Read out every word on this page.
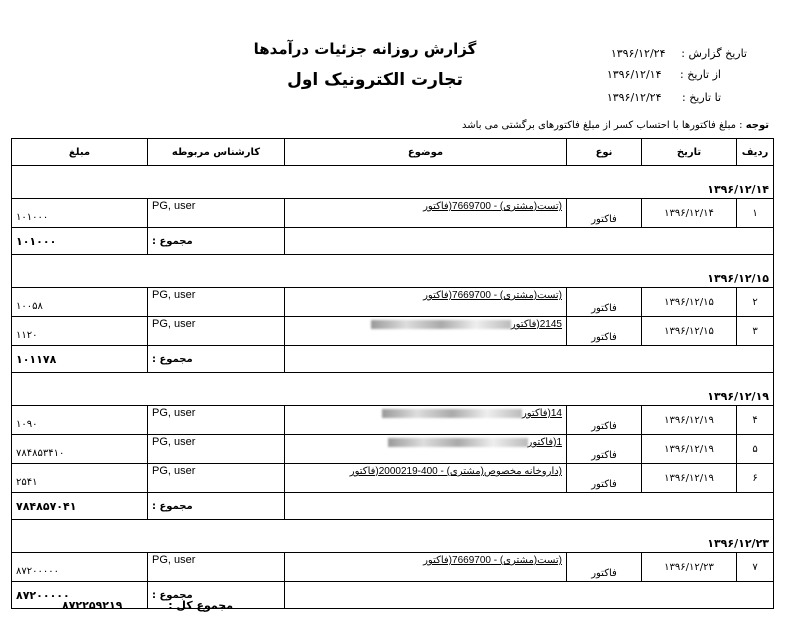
گزارش روزانه جزئیات درآمدها
تجارت الکترونیک اول
تاریخ گزارش : ۱۳۹۶/۱۲/۲۴
از تاریخ : ۱۳۹۶/۱۲/۱۴
تا تاریخ : ۱۳۹۶/۱۲/۲۴
توجه : مبلغ فاکتورها با احتساب کسر از مبلغ فاکتورهای برگشتی می باشد
ردیف	تاریخ	نوع	موضوع	کارشناس مربوطه	مبلغ
۱۳۹۶/۱۲/۱۴					
۱	۱۳۹۶/۱۲/۱۴	فاکتور	(تست(مشتری) - 7669700(فاکتور	PG, user	۱۰۱۰۰۰
				مجموع :	۱۰۱۰۰۰
۱۳۹۶/۱۲/۱۵					
۲	۱۳۹۶/۱۲/۱۵	فاکتور	(تست(مشتری) - 7669700(فاکتور	PG, user	۱۰۰۵۸
۳	۱۳۹۶/۱۲/۱۵	فاکتور	2145(فاکتور	PG, user	۱۱۲۰
				مجموع :	۱۰۱۱۷۸
۱۳۹۶/۱۲/۱۹					
۴	۱۳۹۶/۱۲/۱۹	فاکتور	14(فاکتور	PG, user	۱۰۹۰
۵	۱۳۹۶/۱۲/۱۹	فاکتور	1(فاکتور	PG, user	۷۸۴۸۵۳۴۱۰
۶	۱۳۹۶/۱۲/۱۹	فاکتور	(داروخانه مخصوص(مشتری) - 400-2000219(فاکتور	PG, user	۲۵۴۱
				مجموع :	۷۸۴۸۵۷۰۴۱
۱۳۹۶/۱۲/۲۳					
۷	۱۳۹۶/۱۲/۲۳	فاکتور	(تست(مشتری) - 7669700(فاکتور	PG, user	۸۷۲۰۰۰۰۰
				مجموع :	۸۷۲۰۰۰۰۰
مجموع کل :
۸۷۲۲۵۹۲۱۹
